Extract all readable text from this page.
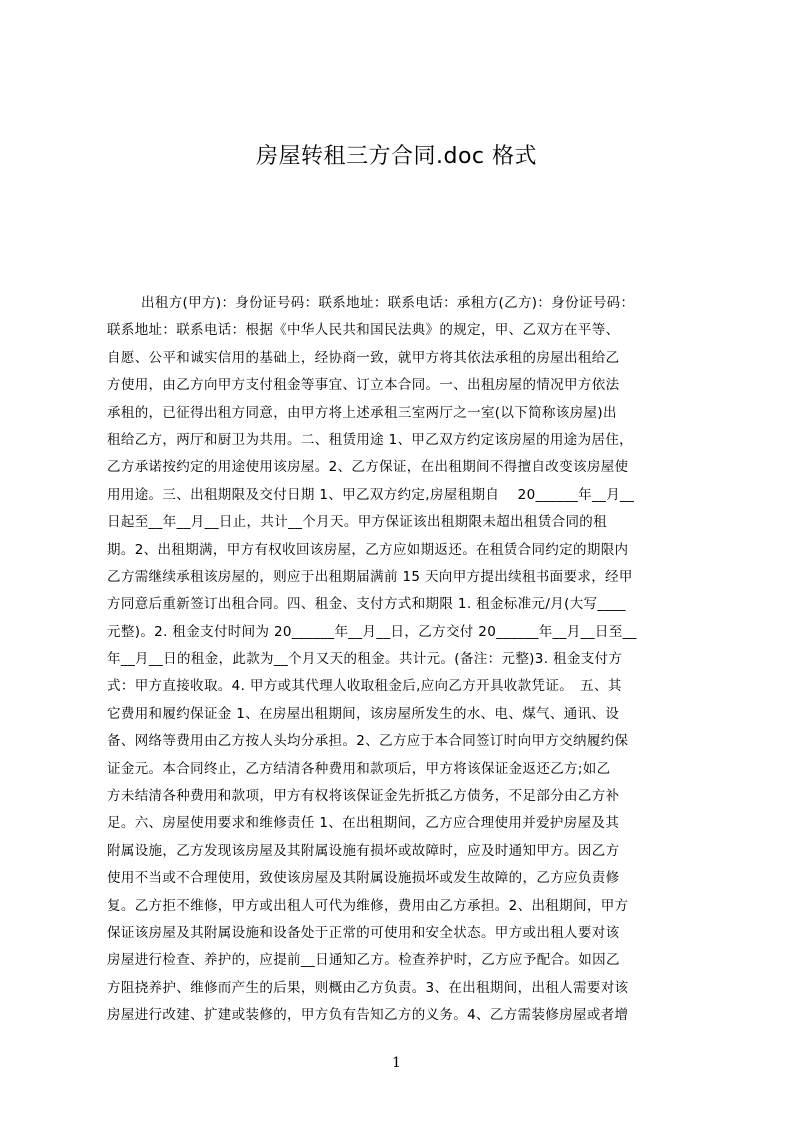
房屋转租三方合同.doc 格式
出租方(甲方)：身份证号码：联系地址：联系电话：承租方(乙方)：身份证号码：
联系地址：联系电话：根据《中华人民共和国民法典》的规定，甲、乙双方在平等、
自愿、公平和诚实信用的基础上，经协商一致，就甲方将其依法承租的房屋出租给乙
方使用，由乙方向甲方支付租金等事宜、订立本合同。一、出租房屋的情况甲方依法
承租的，已征得出租方同意，由甲方将上述承租三室两厅之一室(以下简称该房屋)出
租给乙方，两厅和厨卫为共用。二、租赁用途 1、甲乙双方约定该房屋的用途为居住，
乙方承诺按约定的用途使用该房屋。2、乙方保证，在出租期间不得擅自改变该房屋使
用用途。三、出租期限及交付日期 1、甲乙双方约定,房屋租期自　 20______年__月__
日起至__年__月__日止，共计__个月天。甲方保证该出租期限未超出租赁合同的租
期。2、出租期满，甲方有权收回该房屋，乙方应如期返还。在租赁合同约定的期限内
乙方需继续承租该房屋的，则应于出租期届满前 15 天向甲方提出续租书面要求，经甲
方同意后重新签订出租合同。四、租金、支付方式和期限 1. 租金标准元/月(大写____
元整)。2. 租金支付时间为 20______年__月__日，乙方交付 20______年__月__日至__
年__月__日的租金，此款为__个月又天的租金。共计元。(备注：元整)3. 租金支付方
式：甲方直接收取。4. 甲方或其代理人收取租金后,应向乙方开具收款凭证。　五、其
它费用和履约保证金 1、在房屋出租期间，该房屋所发生的水、电、煤气、通讯、设
备、网络等费用由乙方按人头均分承担。2、乙方应于本合同签订时向甲方交纳履约保
证金元。本合同终止，乙方结清各种费用和款项后，甲方将该保证金返还乙方;如乙
方未结清各种费用和款项，甲方有权将该保证金先折抵乙方债务，不足部分由乙方补
足。六、房屋使用要求和维修责任 1、在出租期间，乙方应合理使用并爱护房屋及其
附属设施，乙方发现该房屋及其附属设施有损坏或故障时，应及时通知甲方。因乙方
使用不当或不合理使用，致使该房屋及其附属设施损坏或发生故障的，乙方应负责修
复。乙方拒不维修，甲方或出租人可代为维修，费用由乙方承担。2、出租期间，甲方
保证该房屋及其附属设施和设备处于正常的可使用和安全状态。甲方或出租人要对该
房屋进行检查、养护的，应提前__日通知乙方。检查养护时，乙方应予配合。如因乙
方阻挠养护、维修而产生的后果，则概由乙方负责。3、在出租期间，出租人需要对该
房屋进行改建、扩建或装修的，甲方负有告知乙方的义务。4、乙方需装修房屋或者增
1
